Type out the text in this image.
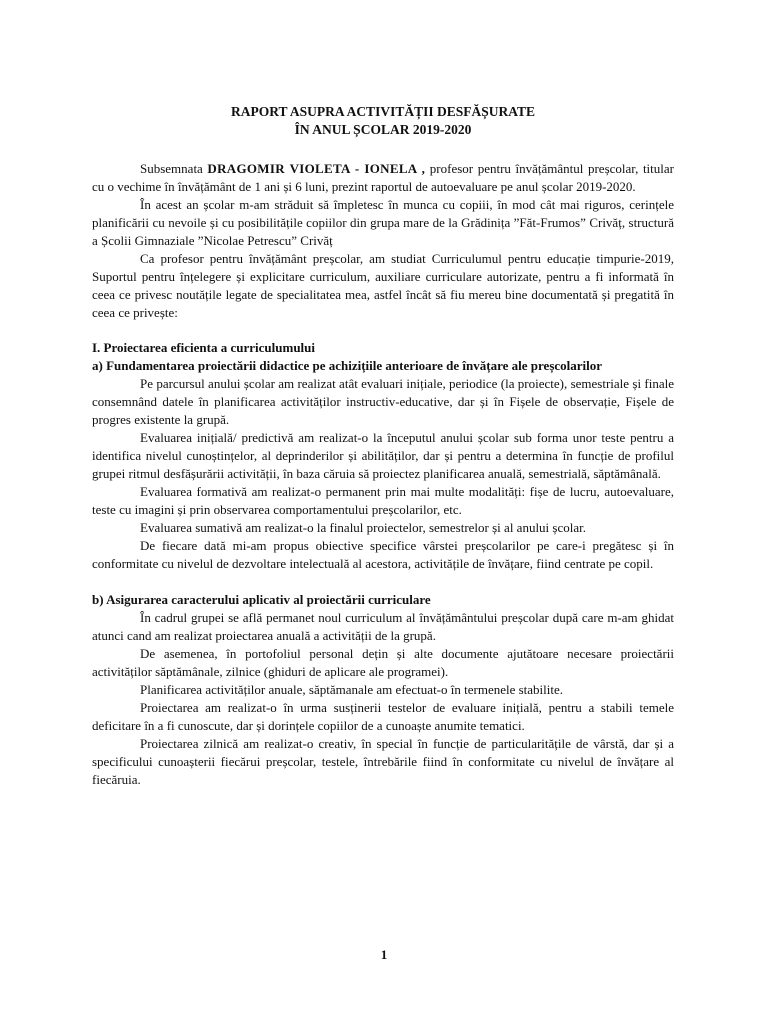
RAPORT ASUPRA ACTIVITĂȚII DESFĂȘURATE
ÎN ANUL ȘCOLAR 2019-2020

Subsemnata DRAGOMIR VIOLETA - IONELA , profesor pentru învățământul preșcolar, titular cu o vechime în învățământ de 1 ani și 6 luni, prezint raportul de autoevaluare pe anul școlar 2019-2020.

În acest an școlar m-am străduit să împletesc în munca cu copiii, în mod cât mai riguros, cerințele planificării cu nevoile și cu posibilitățile copiilor din grupa mare de la Grădinița ”Făt-Frumos” Crivăț, structură a Școlii Gimnaziale ”Nicolae Petrescu” Crivăț

Ca profesor pentru învățământ preșcolar, am studiat Curriculumul pentru educație timpurie-2019, Suportul pentru înțelegere și explicitare curriculum, auxiliare curriculare autorizate, pentru a fi informată în ceea ce privesc noutățile legate de specialitatea mea, astfel încât să fiu mereu bine documentată și pregatită în ceea ce privește:

I. Proiectarea eficienta a curriculumului
a) Fundamentarea proiectării didactice pe achizițiile anterioare de învățare ale preșcolarilor

Pe parcursul anului școlar am realizat atât evaluari inițiale, periodice (la proiecte), semestriale și finale consemnând datele în planificarea activităților instructiv-educative, dar și în Fișele de observație, Fișele de progres existente la grupă.

Evaluarea inițială/ predictivă am realizat-o la începutul anului școlar sub forma unor teste pentru a identifica nivelul cunoștințelor, al deprinderilor și abilităților, dar și pentru a determina în funcție de profilul grupei ritmul desfășurării activității, în baza căruia să proiectez planificarea anuală, semestrială, săptămânală.

Evaluarea formativă am realizat-o permanent prin mai multe modalități: fișe de lucru, autoevaluare, teste cu imagini și prin observarea comportamentului preșcolarilor, etc.

Evaluarea sumativă am realizat-o la finalul proiectelor, semestrelor și al anului școlar.

De fiecare dată mi-am propus obiective specifice vârstei preșcolarilor pe care-i pregătesc și în conformitate cu nivelul de dezvoltare intelectuală al acestora, activitățile de învățare, fiind centrate pe copil.

b) Asigurarea caracterului aplicativ al proiectării curriculare

În cadrul grupei se află permanet noul curriculum al învățământului preșcolar după care m-am ghidat atunci cand am realizat proiectarea anuală a activității de la grupă.

De asemenea, în portofoliul personal dețin și alte documente ajutătoare necesare proiectării activităților săptămânale, zilnice (ghiduri de aplicare ale programei).

Planificarea activităților anuale, săptămanale am efectuat-o în termenele stabilite.

Proiectarea am realizat-o în urma susținerii testelor de evaluare inițială, pentru a stabili temele deficitare în a fi cunoscute, dar și dorințele copiilor de a cunoaște anumite tematici.

Proiectarea zilnică am realizat-o creativ, în special în funcție de particularitățile de vârstă, dar și a specificului cunoașterii fiecărui preșcolar, testele, întrebările fiind în conformitate cu nivelul de învățare al fiecăruia.

1
